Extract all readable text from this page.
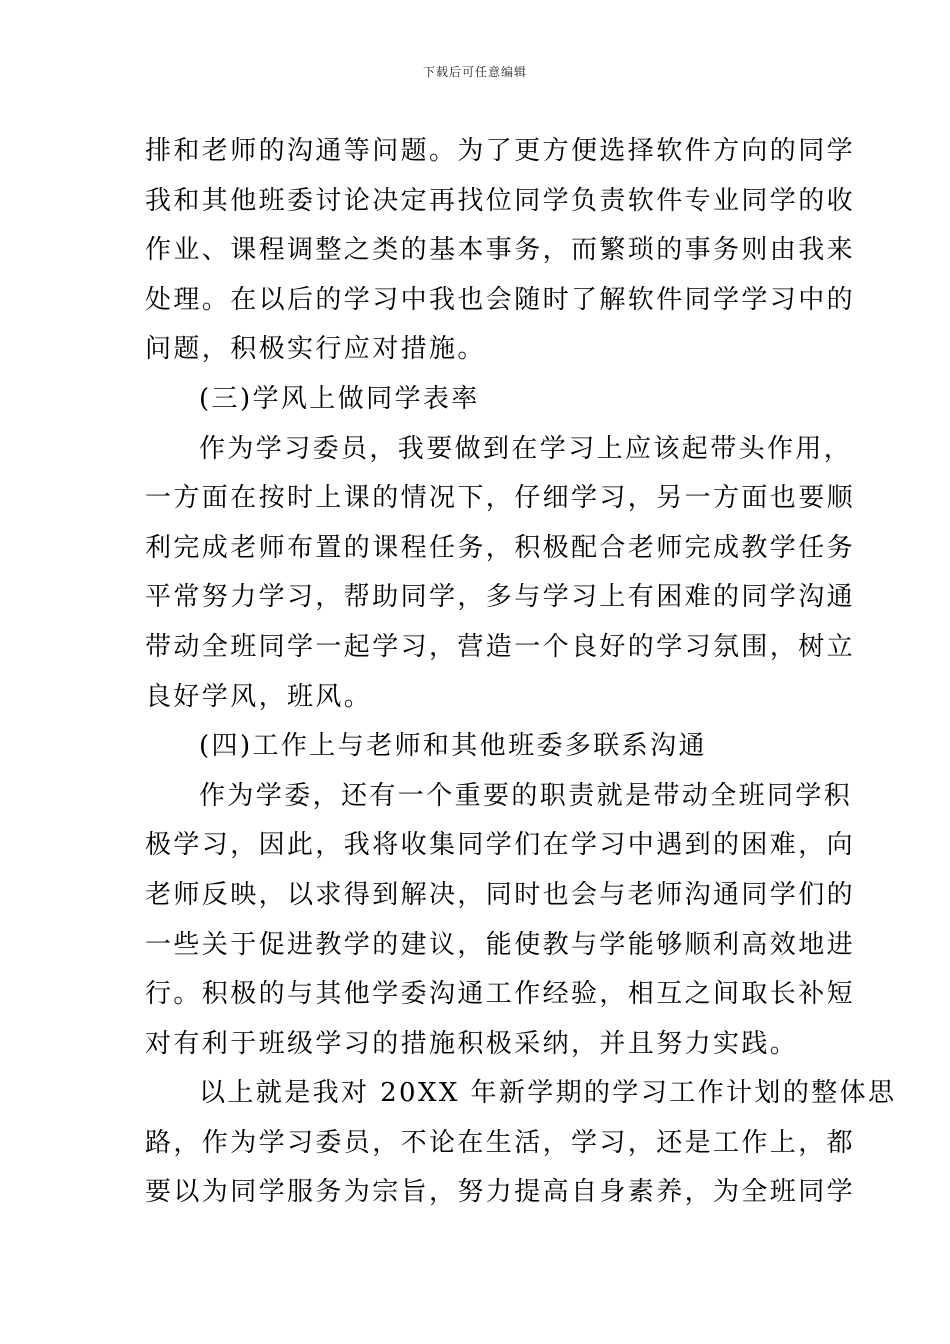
下载后可任意编辑
排和老师的沟通等问题。为了更方便选择软件方向的同学
我和其他班委讨论决定再找位同学负责软件专业同学的收
作业、课程调整之类的基本事务，而繁琐的事务则由我来
处理。在以后的学习中我也会随时了解软件同学学习中的
问题，积极实行应对措施。
(三)学风上做同学表率
作为学习委员，我要做到在学习上应该起带头作用，
一方面在按时上课的情况下，仔细学习，另一方面也要顺
利完成老师布置的课程任务，积极配合老师完成教学任务
平常努力学习，帮助同学，多与学习上有困难的同学沟通
带动全班同学一起学习，营造一个良好的学习氛围，树立
良好学风，班风。
(四)工作上与老师和其他班委多联系沟通
作为学委，还有一个重要的职责就是带动全班同学积
极学习，因此，我将收集同学们在学习中遇到的困难，向
老师反映，以求得到解决，同时也会与老师沟通同学们的
一些关于促进教学的建议，能使教与学能够顺利高效地进
行。积极的与其他学委沟通工作经验，相互之间取长补短
对有利于班级学习的措施积极采纳，并且努力实践。
以上就是我对 20XX 年新学期的学习工作计划的整体思
路，作为学习委员，不论在生活，学习，还是工作上，都
要以为同学服务为宗旨，努力提高自身素养，为全班同学
